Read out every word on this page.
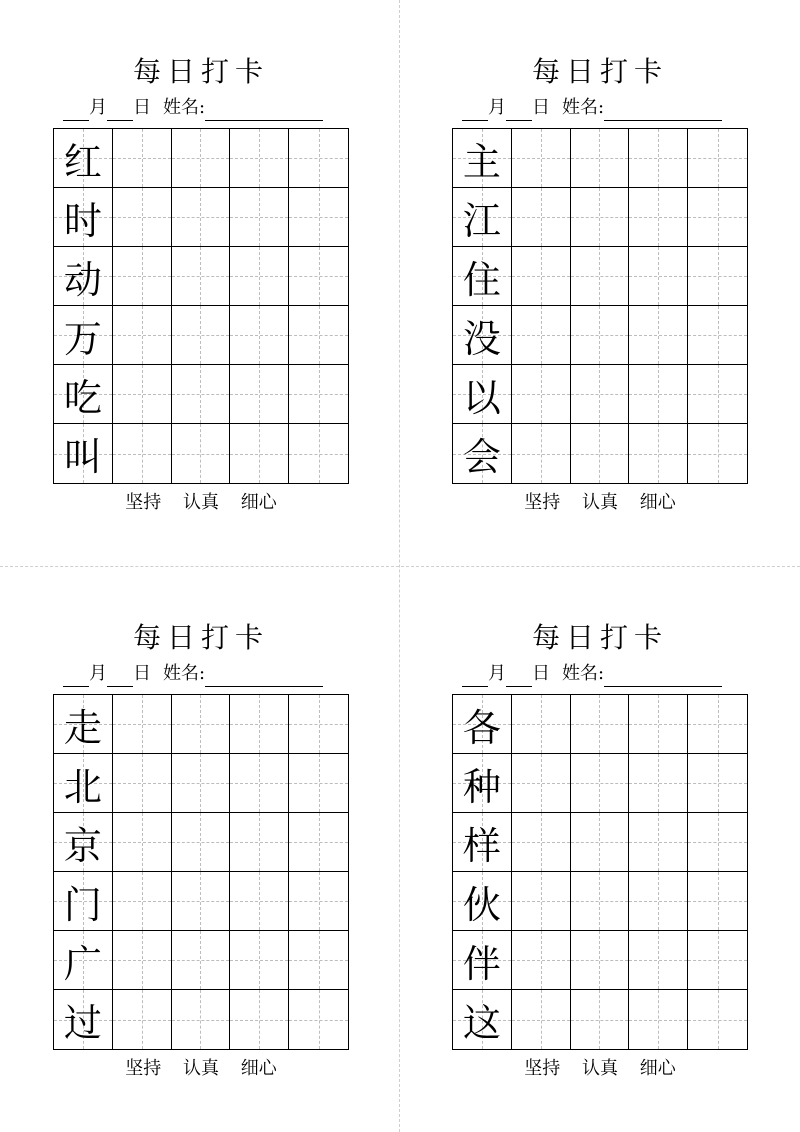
每日打卡
月 日 姓名:
红
时
动
万
吃
叫
坚持 认真 细心
每日打卡
月 日 姓名:
主
江
住
没
以
会
坚持 认真 细心
每日打卡
月 日 姓名:
走
北
京
门
广
过
坚持 认真 细心
每日打卡
月 日 姓名:
各
种
样
伙
伴
这
坚持 认真 细心
